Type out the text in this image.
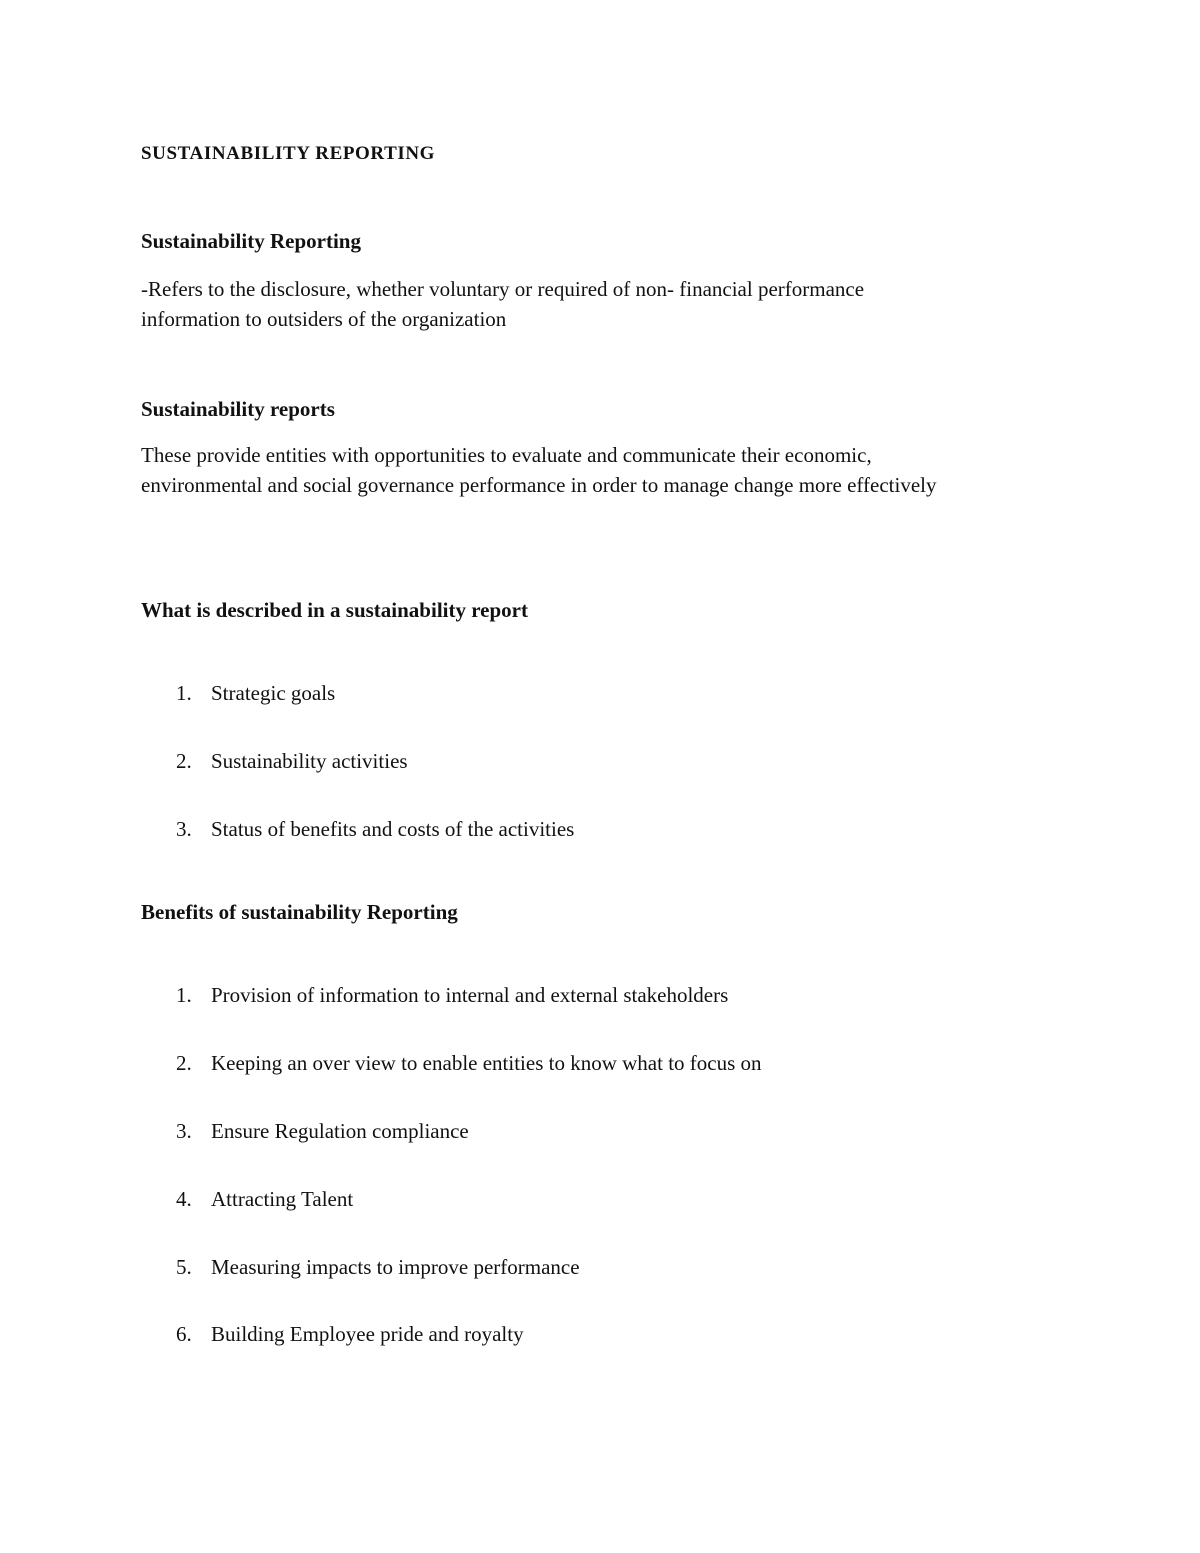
SUSTAINABILITY REPORTING
Sustainability Reporting
-Refers to the disclosure, whether voluntary or required of non- financial performance
information to outsiders of the organization
Sustainability reports
These provide entities with opportunities to evaluate and communicate their economic,
environmental and social governance performance in order to manage change more effectively
What is described in a sustainability report
1. Strategic goals
2. Sustainability activities
3. Status of benefits and costs of the activities
Benefits of sustainability Reporting
1. Provision of information to internal and external stakeholders
2. Keeping an over view to enable entities to know what to focus on
3. Ensure Regulation compliance
4. Attracting Talent
5. Measuring impacts to improve performance
6. Building Employee pride and royalty
